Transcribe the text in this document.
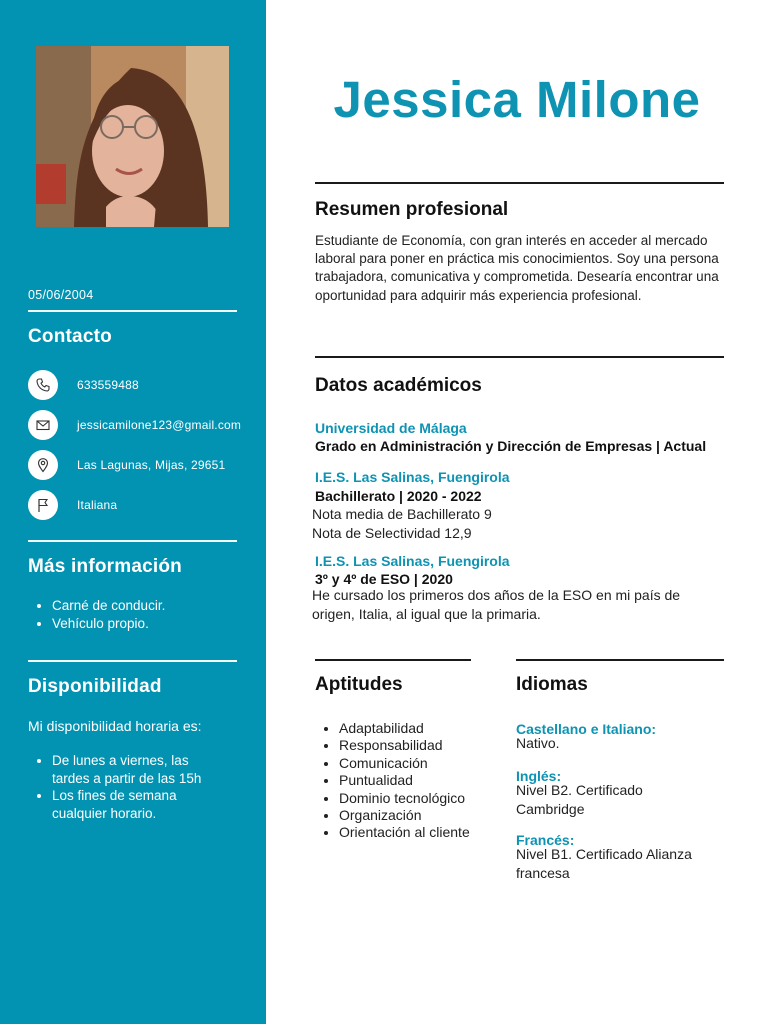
05/06/2004
Contacto
633559488
jessicamilone123@gmail.com
Las Lagunas, Mijas, 29651
Italiana
Más información
• Carné de conducir.
• Vehículo propio.
Disponibilidad
Mi disponibilidad horaria es:
• De lunes a viernes, las tardes a partir de las 15h
• Los fines de semana cualquier horario.
Jessica Milone
Resumen profesional
Estudiante de Economía, con gran interés en acceder al mercado laboral para poner en práctica mis conocimientos. Soy una persona trabajadora, comunicativa y comprometida. Desearía encontrar una oportunidad para adquirir más experiencia profesional.
Datos académicos
Universidad de Málaga
Grado en Administración y Dirección de Empresas | Actual
I.E.S. Las Salinas, Fuengirola
Bachillerato | 2020 - 2022
Nota media de Bachillerato 9
Nota de Selectividad 12,9
I.E.S. Las Salinas, Fuengirola
3º y 4º de ESO | 2020
He cursado los primeros dos años de la ESO en mi país de origen, Italia, al igual que la primaria.
Aptitudes
• Adaptabilidad
• Responsabilidad
• Comunicación
• Puntualidad
• Dominio tecnológico
• Organización
• Orientación al cliente
Idiomas
Castellano e Italiano:
Nativo.
Inglés:
Nivel B2. Certificado Cambridge
Francés:
Nivel B1. Certificado Alianza francesa
